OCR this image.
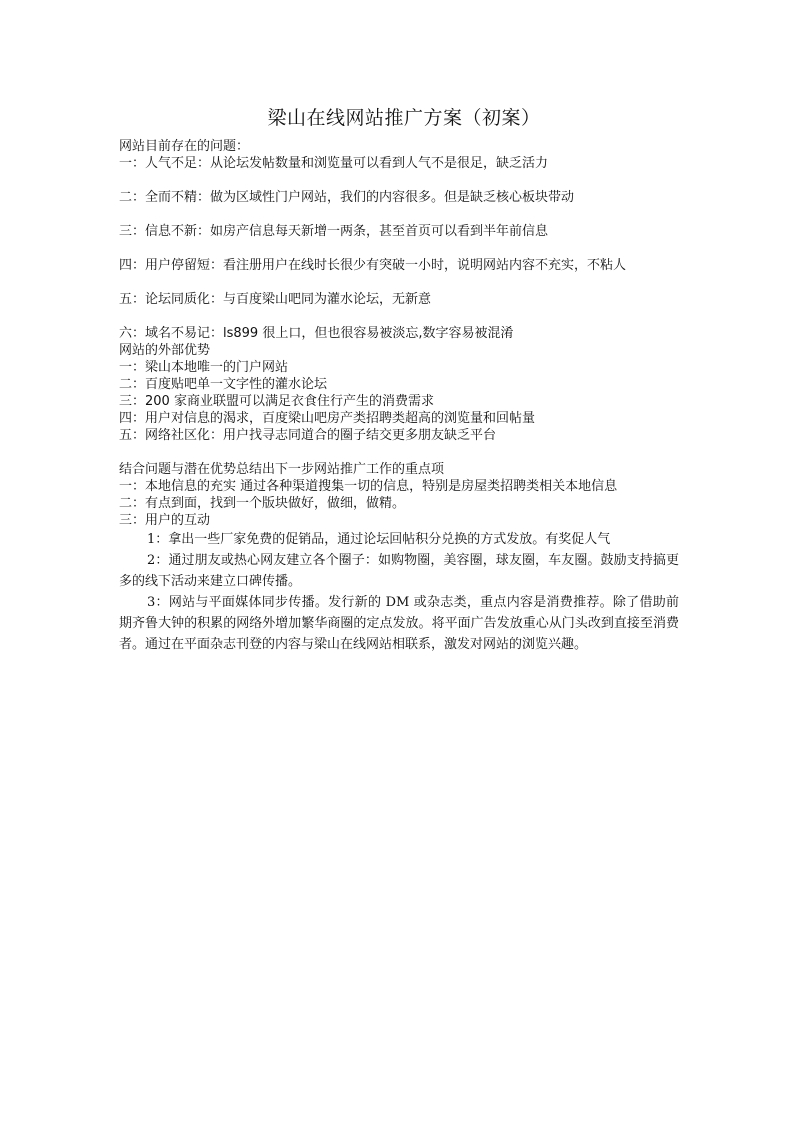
梁山在线网站推广方案（初案）

网站目前存在的问题：

一：人气不足：从论坛发帖数量和浏览量可以看到人气不是很足，缺乏活力

二：全而不精：做为区域性门户网站，我们的内容很多。但是缺乏核心板块带动

三：信息不新：如房产信息每天新增一两条，甚至首页可以看到半年前信息

四：用户停留短：看注册用户在线时长很少有突破一小时，说明网站内容不充实，不粘人

五：论坛同质化：与百度梁山吧同为灌水论坛，无新意

六：域名不易记：ls899 很上口，但也很容易被淡忘,数字容易被混淆

网站的外部优势

一：梁山本地唯一的门户网站

二：百度贴吧单一文字性的灌水论坛

三：200 家商业联盟可以满足衣食住行产生的消费需求

四：用户对信息的渴求，百度梁山吧房产类招聘类超高的浏览量和回帖量

五：网络社区化：用户找寻志同道合的圈子结交更多朋友缺乏平台

结合问题与潜在优势总结出下一步网站推广工作的重点项

一：本地信息的充实 通过各种渠道搜集一切的信息，特别是房屋类招聘类相关本地信息

二：有点到面，找到一个版块做好，做细，做精。

三：用户的互动

1：拿出一些厂家免费的促销品，通过论坛回帖积分兑换的方式发放。有奖促人气

2：通过朋友或热心网友建立各个圈子：如购物圈，美容圈，球友圈，车友圈。鼓励支持搞更多的线下活动来建立口碑传播。

3：网站与平面媒体同步传播。发行新的 DM 或杂志类，重点内容是消费推荐。除了借助前期齐鲁大钟的积累的网络外增加繁华商圈的定点发放。将平面广告发放重心从门头改到直接至消费者。通过在平面杂志刊登的内容与梁山在线网站相联系，激发对网站的浏览兴趣。
